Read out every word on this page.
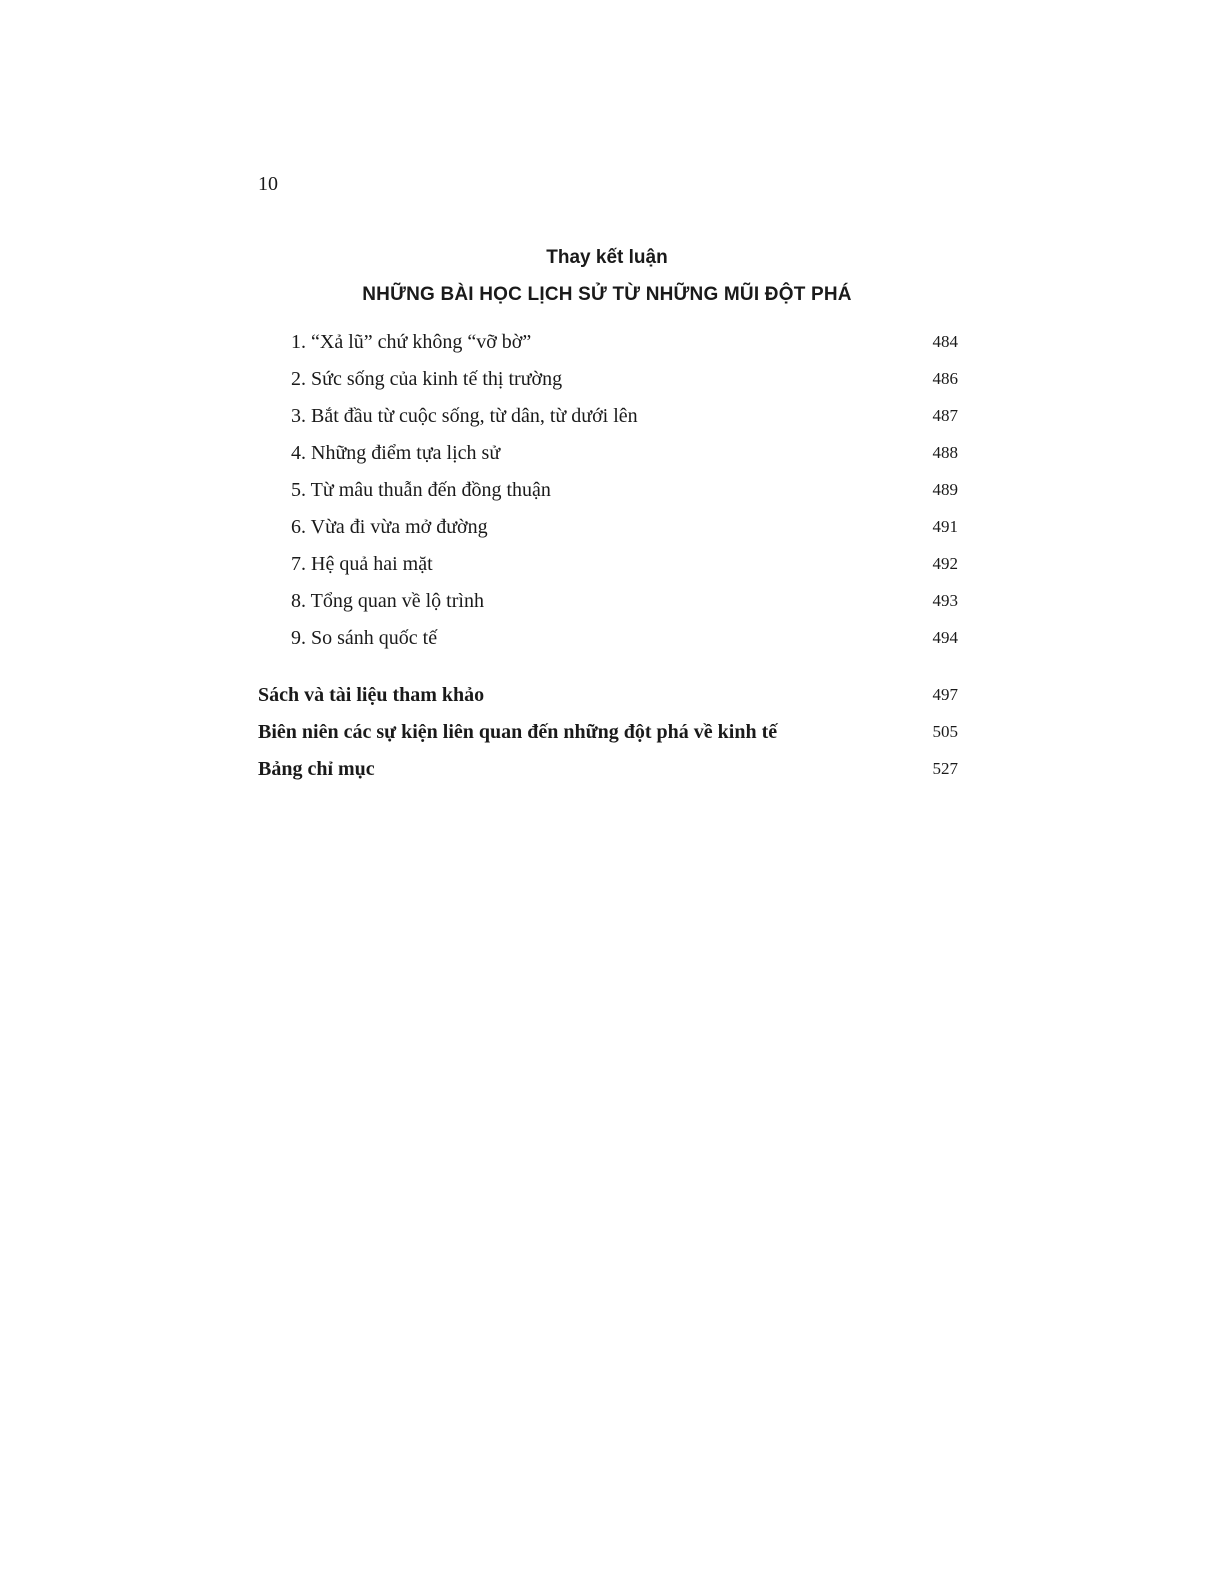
10
Thay kết luận
NHỮNG BÀI HỌC LỊCH SỬ TỪ NHỮNG MŨI ĐỘT PHÁ
1. “Xả lũ” chứ không “vỡ bờ”	484
2. Sức sống của kinh tế thị trường	486
3. Bắt đầu từ cuộc sống, từ dân, từ dưới lên	487
4. Những điểm tựa lịch sử	488
5. Từ mâu thuẫn đến đồng thuận	489
6. Vừa đi vừa mở đường	491
7. Hệ quả hai mặt	492
8. Tổng quan về lộ trình	493
9. So sánh quốc tế	494
Sách và tài liệu tham khảo	497
Biên niên các sự kiện liên quan đến những đột phá về kinh tế	505
Bảng chỉ mục	527
